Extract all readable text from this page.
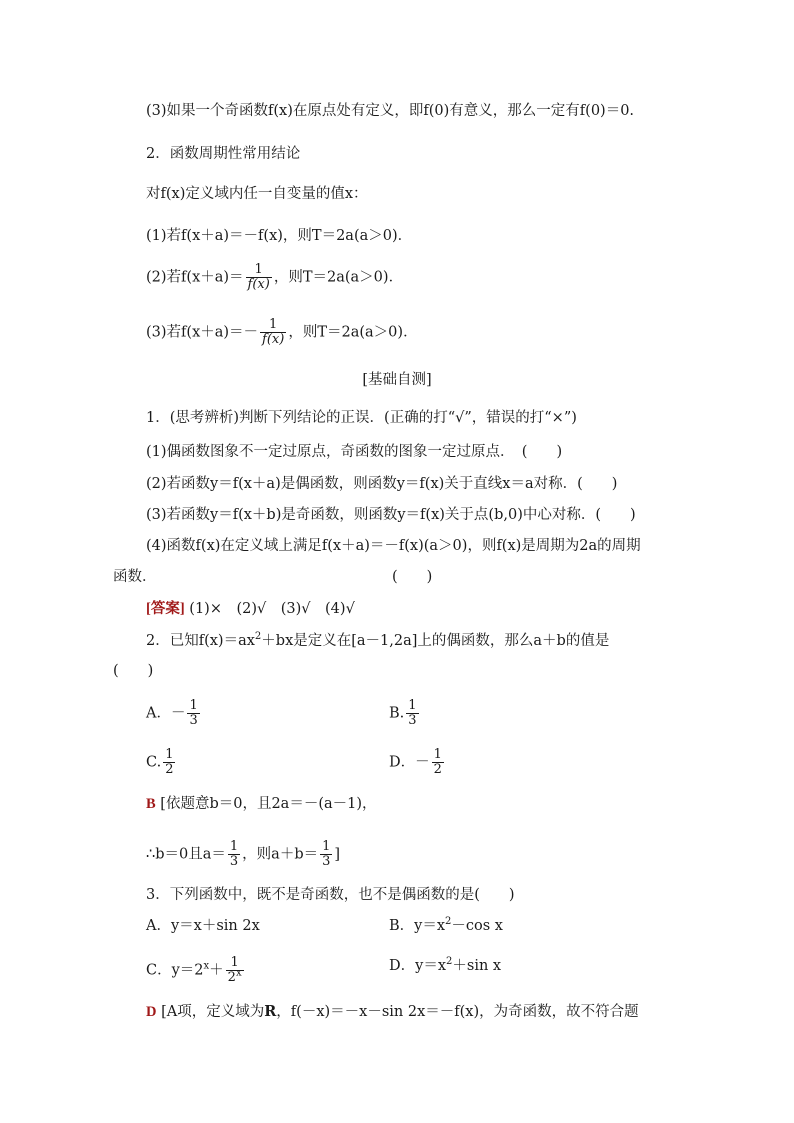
(3)如果一个奇函数f(x)在原点处有定义，即f(0)有意义，那么一定有f(0)＝0.
2．函数周期性常用结论
对f(x)定义域内任一自变量的值x：
(1)若f(x＋a)＝－f(x)，则T＝2a(a＞0)．
(2)若$f(x+a)= \frac{1}{f(x)}$ ，则T＝2a(a＞0)．
(3)若$f(x+a)=- \frac{1}{f(x)}$ ，则T＝2a(a＞0)．
[基础自测]
1．(思考辨析)判断下列结论的正误．(正确的打“√”，错误的打“×”)
(1)偶函数图象不一定过原点，奇函数的图象一定过原点．　(　　)
(2)若函数y＝f(x＋a)是偶函数，则函数y＝f(x)关于直线x＝a对称．(　　)
(3)若函数y＝f(x＋b)是奇函数，则函数y＝f(x)关于点(b,0)中心对称．(　　)
(4)函数f(x)在定义域上满足f(x＋a)＝－f(x)(a＞0)，则f(x)是周期为2a的周期
函数．	(　　)
[答案] (1)×　(2)√　(3)√　(4)√
2．已知$f(x)=ax^2+bx$是定义在[a－1,2a]上的偶函数，那么a＋b的值是
(　　)
A．－ $\frac{1}{3}$	B. $\frac{1}{3}$
C. $\frac{1}{2}$	D．－ $\frac{1}{2}$
B [依题意b＝0，且2a＝－(a－1)，
∴b＝0且$a= \frac{1}{3}$ ，则$a+b= \frac{1}{3}$ ]
3．下列函数中，既不是奇函数，也不是偶函数的是(　　)
A．y＝x＋sin 2x	B．$y=x^2-\cos$ x
C．$y=2^x+ \frac{1}{2^x}$	D．$y=x^2+\sin$ x
D [A项，定义域为R，f(－x)＝－x－sin 2x＝－f(x)，为奇函数，故不符合题
